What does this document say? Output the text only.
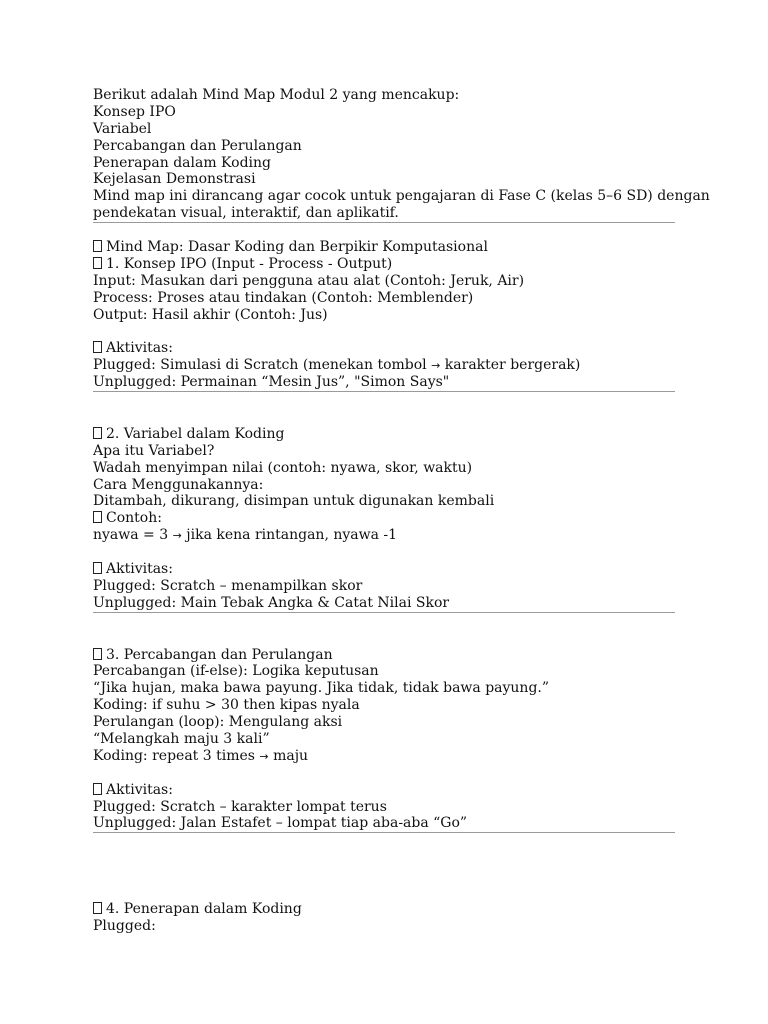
Berikut adalah Mind Map Modul 2 yang mencakup:
Konsep IPO
Variabel
Percabangan dan Perulangan
Penerapan dalam Koding
Kejelasan Demonstrasi
Mind map ini dirancang agar cocok untuk pengajaran di Fase C (kelas 5–6 SD) dengan
pendekatan visual, interaktif, dan aplikatif.
Mind Map: Dasar Koding dan Berpikir Komputasional
1. Konsep IPO (Input - Process - Output)
Input: Masukan dari pengguna atau alat (Contoh: Jeruk, Air)
Process: Proses atau tindakan (Contoh: Memblender)
Output: Hasil akhir (Contoh: Jus)
Aktivitas:
Plugged: Simulasi di Scratch (menekan tombol → karakter bergerak)
Unplugged: Permainan “Mesin Jus”, "Simon Says"
2. Variabel dalam Koding
Apa itu Variabel?
Wadah menyimpan nilai (contoh: nyawa, skor, waktu)
Cara Menggunakannya:
Ditambah, dikurang, disimpan untuk digunakan kembali
Contoh:
nyawa = 3 → jika kena rintangan, nyawa -1
Aktivitas:
Plugged: Scratch – menampilkan skor
Unplugged: Main Tebak Angka & Catat Nilai Skor
3. Percabangan dan Perulangan
Percabangan (if-else): Logika keputusan
“Jika hujan, maka bawa payung. Jika tidak, tidak bawa payung.”
Koding: if suhu > 30 then kipas nyala
Perulangan (loop): Mengulang aksi
“Melangkah maju 3 kali”
Koding: repeat 3 times → maju
Aktivitas:
Plugged: Scratch – karakter lompat terus
Unplugged: Jalan Estafet – lompat tiap aba-aba “Go”
4. Penerapan dalam Koding
Plugged:
